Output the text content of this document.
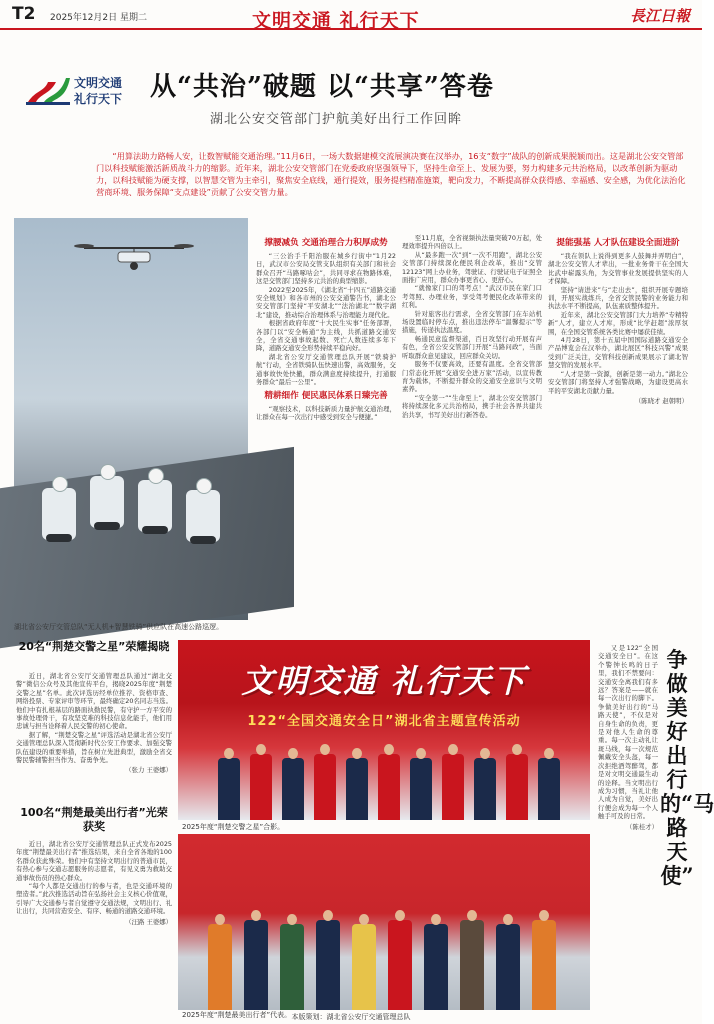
T2 2025年12月2日 星期二	文明交通 礼行天下	長江日報
文明交通
礼行天下 从“共治”破题 以“共享”答卷
湖北公安交管部门护航美好出行工作回眸
“用算法助力路畅人安，让数智赋能交通治理。”11月6日，一场大数据建模交流展演决赛在汉举办，16支“数字”战队的创新成果脱颖而出。这是湖北公安交管部门以科技赋能激活新质战斗力的缩影。近年来，湖北公安交管部门在党委政府坚强领导下，坚持生命至上、发展为要，努力构建多元共治格局，以改革创新为驱动力，以科技赋能为硬支撑，以智慧交管为主牵引，聚焦安全底线，通行提效，服务提档精准施策，靶向发力，不断提高群众获得感、幸福感、安全感，为优化法治化营商环境、服务保障“支点建设”贡献了公安交管力量。
湖北省公安厅交管总队“无人机+智慧铁骑”供应队在高速公路巡逻。
撑腰减负 交通治理合力积厚成势

“三公治手千阳治服在城乡行街中”1月22日，武汉市公安局交管支队组织有关部门和社会群众召开“马路啄咕会”，共同寻求在物路体难，这是交管部门坚持多元共治的典型缩影。

2022至2025年，《湖北省“十四五”道路交通安全规划》和各市州的公安交通警告书，湖北公安交管部门坚持“平安湖北”“法治湖北”“数字湖北”建设，推动综合治理体系与治理能力现代化。

根据省政府年度“十大民生实事”任务部署，各部门以“安全畅通”为主线，共抓道路交通安全，全省交通事故起数、死亡人数连续多年下降，道路交通安全形势持续平稳向好。

湖北省公安厅交通管理总队开展“铁骑护航”行动，全省铁骑队伍快速出警，高效服务，交通事故快处快撤，群众满意度持续提升，打通服务群众“最后一公里”。

精耕细作 便民惠民体系日臻完善

“观察技术，以科技新质力量护航交通治理，让群众在每一次出行中感受到安全与便捷。”

至11月底，全省视频执法量突破70万起，处理效率提升四倍以上。

从“最多跑一次”到“一次不用跑”，湖北公安交管部门持续深化便民利企改革，推出“交管12123”网上办业务，驾驶证、行驶证电子证照全面推广应用，群众办事更省心、更舒心。

“就像家门口的驾考点！”武汉市民在家门口考驾照、办理业务，享受驾考便民化改革带来的红利。

针对旅客出行需求，全省交管部门在车站机场设置临时停车点，推出违法停车“温馨提示”等措施，传递执法温度。

畅通民意监督渠道，百日攻坚行动开展有声有色，全省公安交管部门开展“马路问政”，当面听取群众意见建议，回应群众关切。

服务不仅要高效，还要有温度。全省交管部门常态化开展“交通安全进万家”活动，以宣传教育为载体，不断提升群众的交通安全意识与文明素养。

“安全第一”“生命至上”，湖北公安交管部门将持续深化多元共治格局，携手社会各界共建共治共享，书写美好出行新答卷。

提能强基 人才队伍建设全面进阶

“我在领队上说得到更多人鼓舞并弄明白”，湖北公安交管人才辈出，一批业务骨干在全国大比武中崭露头角，为交管事业发展提供坚实的人才保障。

坚持“请进来”与“走出去”，组织开展专题培训，开展实战练兵，全省交管民警的业务能力和执法水平不断提高，队伍素质整体提升。

近年来，湖北公安交管部门大力培养“专精特新”人才，建立人才库，形成“比学赶超”浓厚氛围，在全国交管系统各类比赛中屡获佳绩。

4月28日，第十五届中国国际道路交通安全产品博览会在汉举办，湖北展区“科技兴警”成果受到广泛关注，交管科技创新成果展示了湖北智慧交管的发展水平。

“人才是第一资源，创新是第一动力。”湖北公安交管部门将坚持人才强警战略，为建设更高水平的平安湖北贡献力量。

（陈晓才 赵朝明）
20名“荆楚交警之星”荣耀揭晓

近日，湖北省公安厅交通管理总队通过“湖北交警”微信公众号及其他宣传平台，揭晓2025年度“荆楚交警之星”名单。此次评选历经单位推荐、资格审查、网络投票、专家评审等环节，最终确定20名同志当选。他们中有扎根基层的路面执勤民警，有守护一方平安的事故处理骨干，有攻坚克难的科技信息化能手，他们用忠诚与担当诠释着人民交警的初心使命。

据了解，“荆楚交警之星”评选活动是湖北省公安厅交通管理总队深入贯彻新时代公安工作要求、加强交警队伍建设的重要举措，旨在树立先进典型，激励全省交警民警辅警担当作为、奋勇争先。

（张力 王婆娜）
100名“荆楚最美出行者”光荣获奖

近日，湖北省公安厅交通管理总队正式发布2025年度“荆楚最美出行者”推选结果，来自全省各地的100名群众获此殊荣。他们中有坚持文明出行的普通市民，有热心参与交通志愿服务的志愿者，有见义勇为救助交通事故伤员的热心群众。

“每个人都是交通出行的参与者，也是交通环境的塑造者。”此次推选活动旨在弘扬社会主义核心价值观，引导广大交通参与者自觉遵守交通法规，文明出行、礼让出行，共同营造安全、有序、畅通的道路交通环境。

（汪路 王婆娜）
文明交通 礼行天下
122“全国交通安全日”湖北省主题宣传活动
2025年度“荆楚交警之星”合影。
2025年度“荆楚最美出行者”代表。

又是122“全国交通安全日”。在这个警钟长鸣的日子里，我们不禁要问：交通安全离我们有多远？答案是——就在每一次出行的脚下。争做美好出行的“马路天使”，不仅是对自身生命的负责，更是对他人生命的尊重。每一次主动礼让斑马线，每一次规范佩戴安全头盔，每一次拒绝酒驾醉驾，都是对文明交通最生动的诠释。当文明出行成为习惯，当礼让他人成为自觉，美好出行便会成为每一个人触手可及的日常。

（陈桂才）
争做美好出行的“马路天使”
本版策划：湖北省公安厅交通管理总队
